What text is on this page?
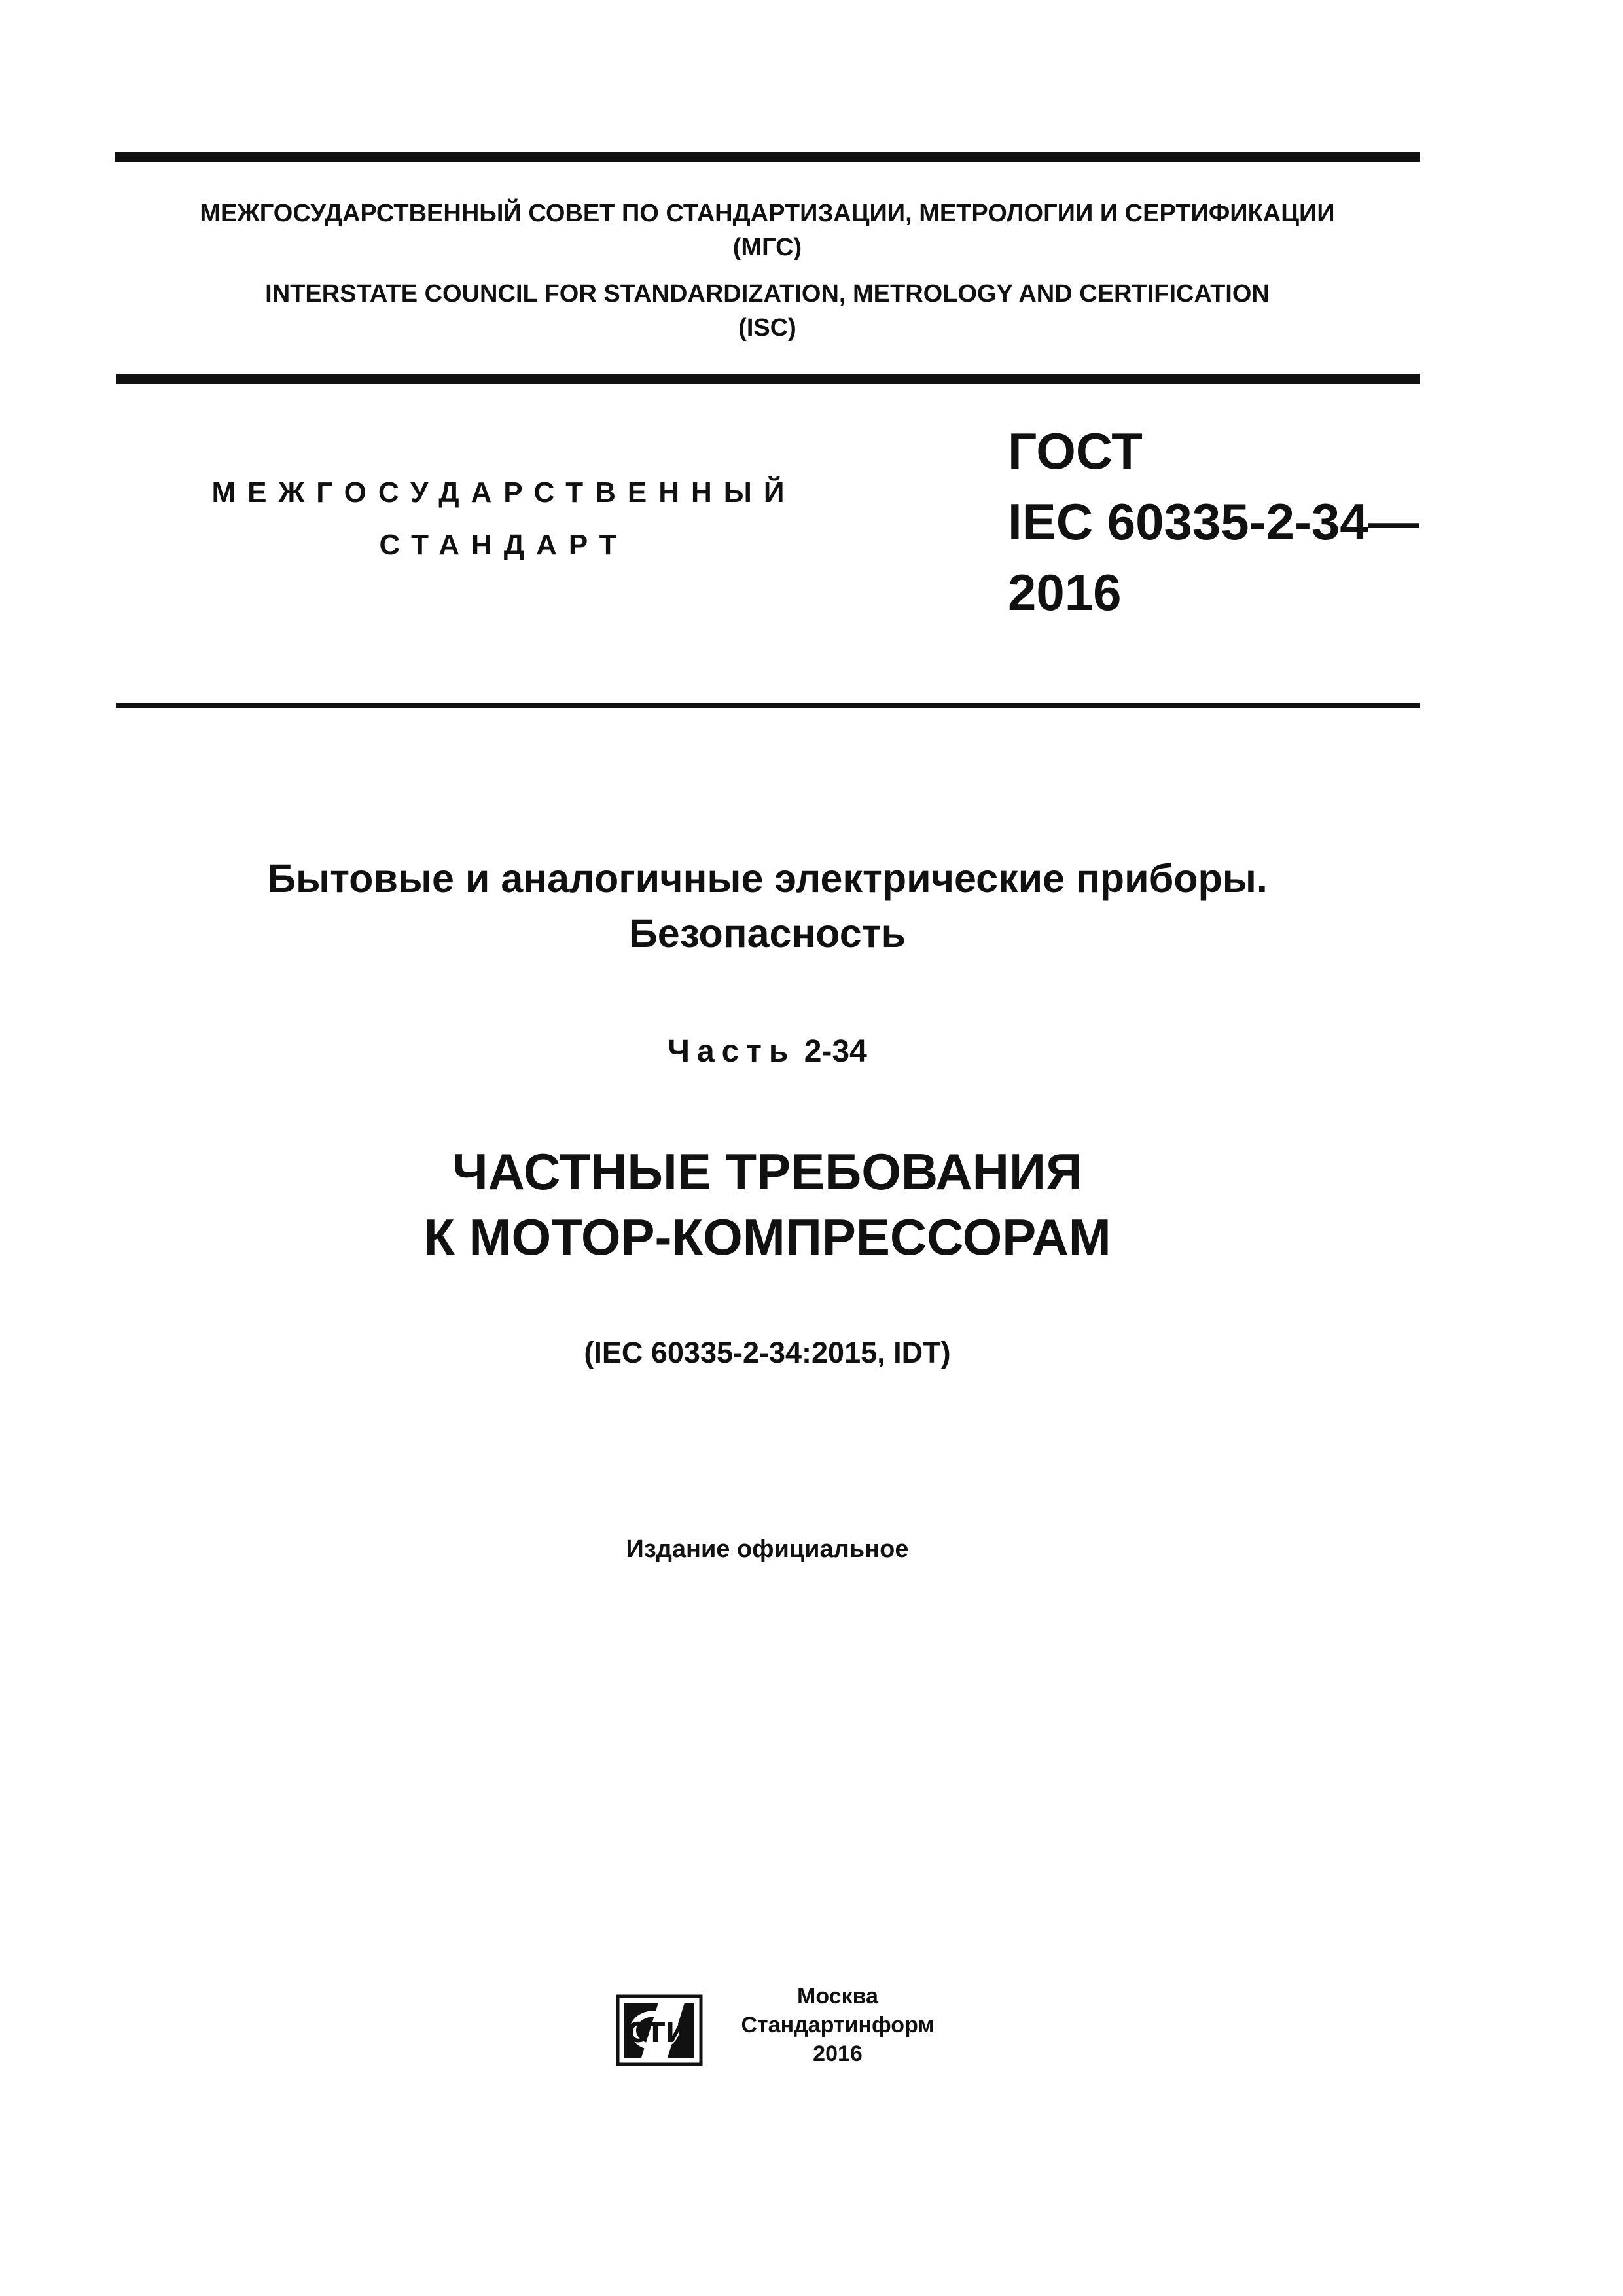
МЕЖГОСУДАРСТВЕННЫЙ СОВЕТ ПО СТАНДАРТИЗАЦИИ, МЕТРОЛОГИИ И СЕРТИФИКАЦИИ

(МГС)

INTERSTATE COUNCIL FOR STANDARDIZATION, METROLOGY AND CERTIFICATION

(ISC)

МЕЖГОСУДАРСТВЕННЫЙ

СТАНДАРТ

ГОСТ

IEC 60335-2-34—

2016

Бытовые и аналогичные электрические приборы.

Безопасность

Часть 2-34

ЧАСТНЫЕ ТРЕБОВАНИЯ

К МОТОР-КОМПРЕССОРАМ

(IEC 60335-2-34:2015, IDT)

Издание официальное

СТИ

Москва

Стандартинформ

2016
